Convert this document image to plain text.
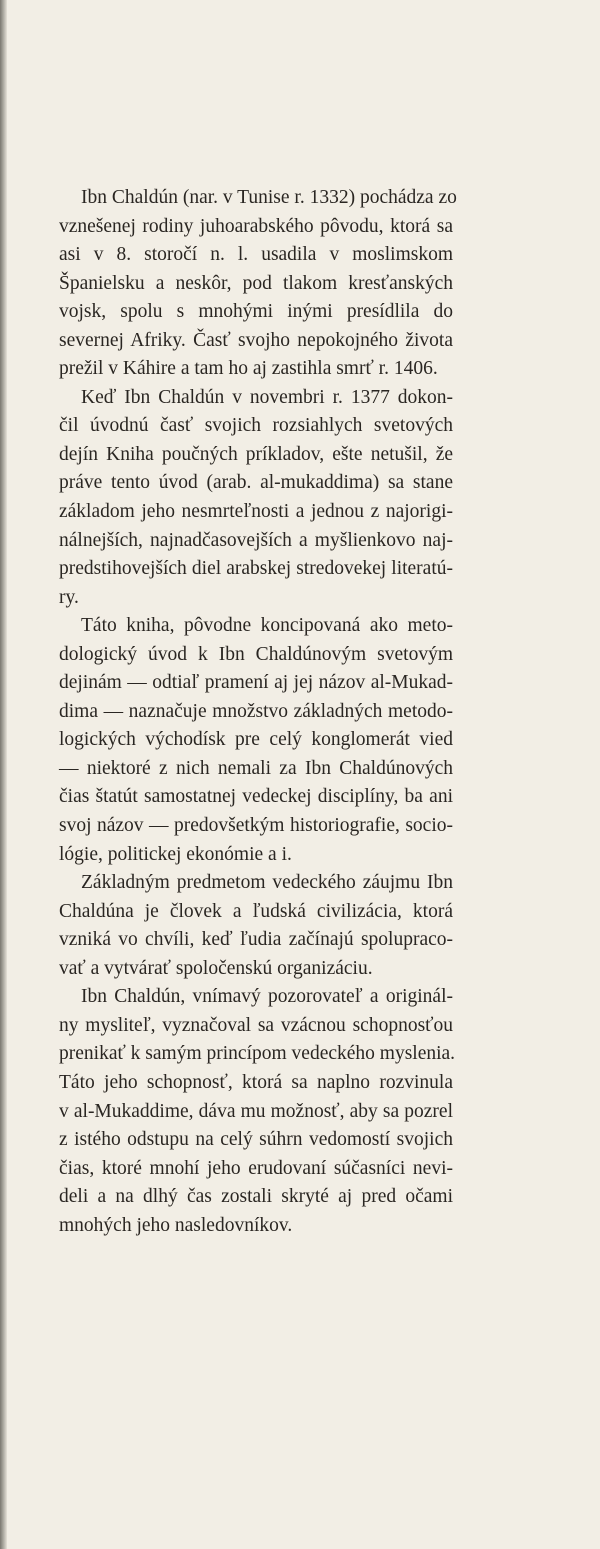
Ibn Chaldún (nar. v Tunise r. 1332) pochádza zo
vznešenej rodiny juhoarabského pôvodu, ktorá sa
asi v 8. storočí n. l. usadila v moslimskom
Španielsku a neskôr, pod tlakom kresťanských
vojsk, spolu s mnohými inými presídlila do
severnej Afriky. Časť svojho nepokojného života
prežil v Káhire a tam ho aj zastihla smrť r. 1406.
Keď Ibn Chaldún v novembri r. 1377 dokon-
čil úvodnú časť svojich rozsiahlych svetových
dejín Kniha poučných príkladov, ešte netušil, že
práve tento úvod (arab. al-mukaddima) sa stane
základom jeho nesmrteľnosti a jednou z najorigi-
nálnejších, najnadčasovejších a myšlienkovo naj-
predstihovejších diel arabskej stredovekej literatú-
ry.
Táto kniha, pôvodne koncipovaná ako meto-
dologický úvod k Ibn Chaldúnovým svetovým
dejinám — odtiaľ pramení aj jej názov al-Mukad-
dima — naznačuje množstvo základných metodo-
logických východísk pre celý konglomerát vied
— niektoré z nich nemali za Ibn Chaldúnových
čias štatút samostatnej vedeckej disciplíny, ba ani
svoj názov — predovšetkým historiografie, socio-
lógie, politickej ekonómie a i.
Základným predmetom vedeckého záujmu Ibn
Chaldúna je človek a ľudská civilizácia, ktorá
vzniká vo chvíli, keď ľudia začínajú spolupraco-
vať a vytvárať spoločenskú organizáciu.
Ibn Chaldún, vnímavý pozorovateľ a originál-
ny mysliteľ, vyznačoval sa vzácnou schopnosťou
prenikať k samým princípom vedeckého myslenia.
Táto jeho schopnosť, ktorá sa naplno rozvinula
v al-Mukaddime, dáva mu možnosť, aby sa pozrel
z istého odstupu na celý súhrn vedomostí svojich
čias, ktoré mnohí jeho erudovaní súčasníci nevi-
deli a na dlhý čas zostali skryté aj pred očami
mnohých jeho nasledovníkov.
